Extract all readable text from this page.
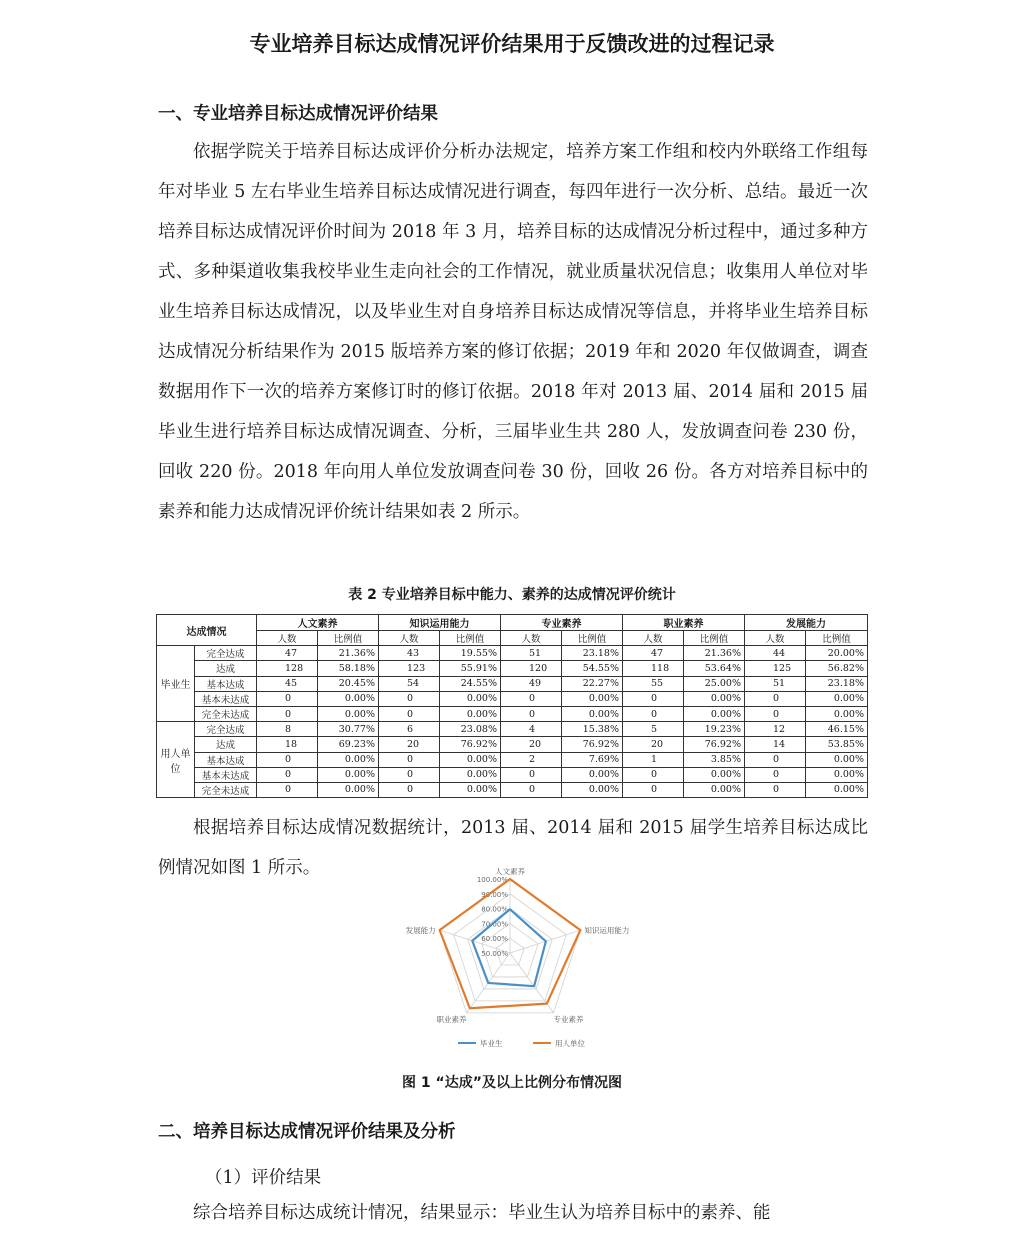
专业培养目标达成情况评价结果用于反馈改进的过程记录
一、专业培养目标达成情况评价结果

依据学院关于培养目标达成评价分析办法规定，培养方案工作组和校内外联络工作组每年对毕业 5 左右毕业生培养目标达成情况进行调查，每四年进行一次分析、总结。最近一次培养目标达成情况评价时间为 2018 年 3 月，培养目标的达成情况分析过程中，通过多种方式、多种渠道收集我校毕业生走向社会的工作情况，就业质量状况信息；收集用人单位对毕业生培养目标达成情况，以及毕业生对自身培养目标达成情况等信息，并将毕业生培养目标达成情况分析结果作为 2015 版培养方案的修订依据；2019 年和 2020 年仅做调查，调查数据用作下一次的培养方案修订时的修订依据。2018 年对 2013 届、2014 届和 2015 届毕业生进行培养目标达成情况调查、分析，三届毕业生共 280 人，发放调查问卷 230 份，回收 220 份。2018 年向用人单位发放调查问卷 30 份，回收 26 份。各方对培养目标中的素养和能力达成情况评价统计结果如表 2 所示。

表 2 专业培养目标中能力、素养的达成情况评价统计
达成情况		人文素养		知识运用能力		专业素养		职业素养		发展能力	
		人数	比例值	人数	比例值	人数	比例值	人数	比例值	人数	比例值
毕业生	完全达成	47	21.36%	43	19.55%	51	23.18%	47	21.36%	44	20.00%
	达成	128	58.18%	123	55.91%	120	54.55%	118	53.64%	125	56.82%
	基本达成	45	20.45%	54	24.55%	49	22.27%	55	25.00%	51	23.18%
	基本未达成	0	0.00%	0	0.00%	0	0.00%	0	0.00%	0	0.00%
	完全未达成	0	0.00%	0	0.00%	0	0.00%	0	0.00%	0	0.00%
用人单位	完全达成	8	30.77%	6	23.08%	4	15.38%	5	19.23%	12	46.15%
	达成	18	69.23%	20	76.92%	20	76.92%	20	76.92%	14	53.85%
	基本达成	0	0.00%	0	0.00%	2	7.69%	1	3.85%	0	0.00%
	基本未达成	0	0.00%	0	0.00%	0	0.00%	0	0.00%	0	0.00%
	完全未达成	0	0.00%	0	0.00%	0	0.00%	0	0.00%	0	0.00%

根据培养目标达成情况数据统计，2013 届、2014 届和 2015 届学生培养目标达成比例情况如图 1 所示。

100.00%
90.00%
80.00%
70.00%
60.00%
50.00%
人文素养
知识运用能力
专业素养
职业素养
发展能力
毕业生	用人单位
图 1 “达成”及以上比例分布情况图
二、培养目标达成情况评价结果及分析
（1）评价结果

综合培养目标达成统计情况，结果显示：毕业生认为培养目标中的素养、能
